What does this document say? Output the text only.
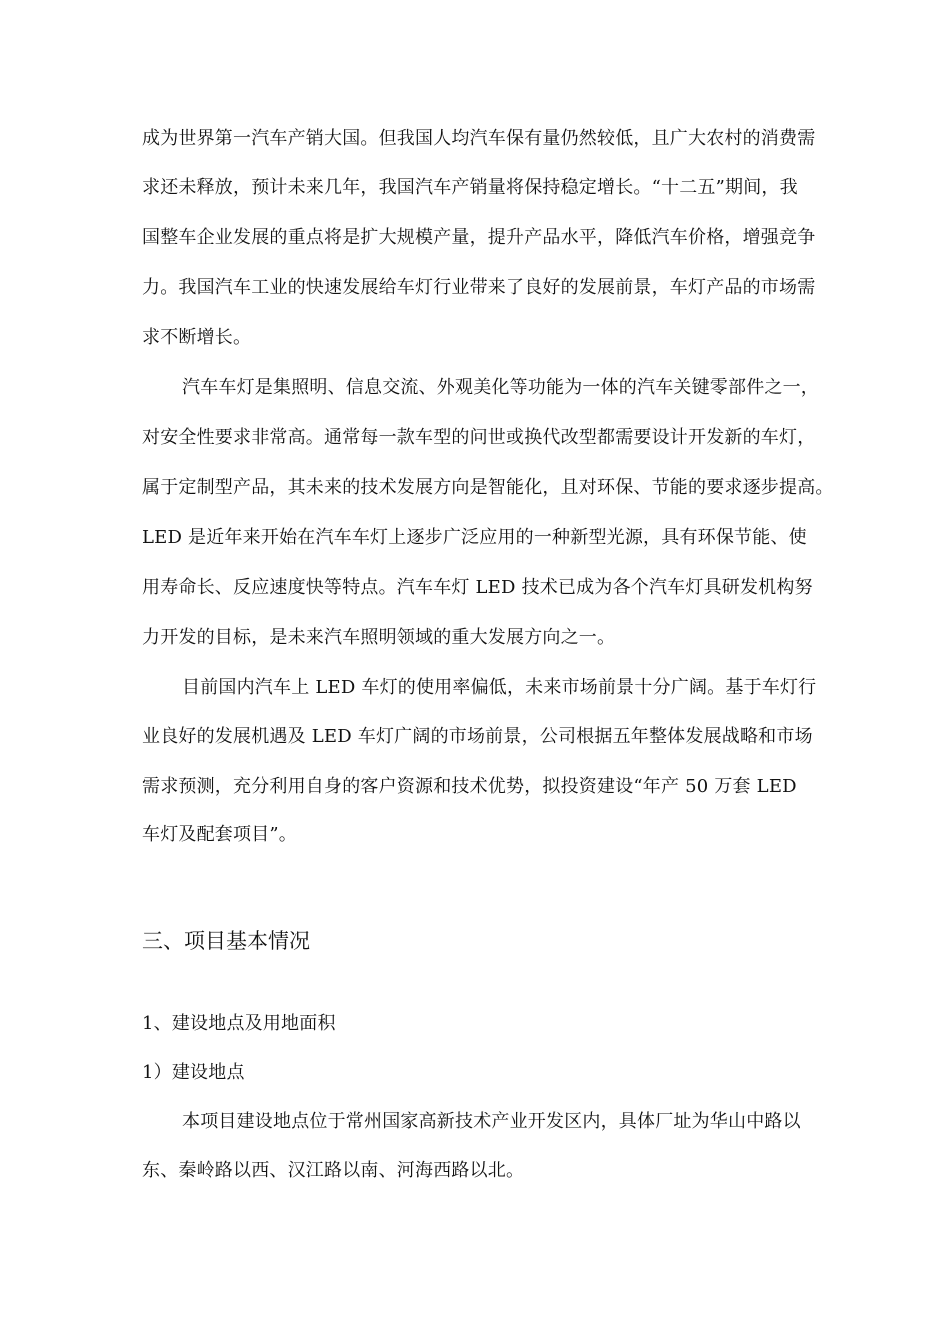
成为世界第一汽车产销大国。但我国人均汽车保有量仍然较低，且广大农村的消费需
求还未释放，预计未来几年，我国汽车产销量将保持稳定增长。“十二五”期间，我
国整车企业发展的重点将是扩大规模产量，提升产品水平，降低汽车价格，增强竞争
力。我国汽车工业的快速发展给车灯行业带来了良好的发展前景，车灯产品的市场需
求不断增长。
汽车车灯是集照明、信息交流、外观美化等功能为一体的汽车关键零部件之一，
对安全性要求非常高。通常每一款车型的问世或换代改型都需要设计开发新的车灯，
属于定制型产品，其未来的技术发展方向是智能化，且对环保、节能的要求逐步提高。
LED 是近年来开始在汽车车灯上逐步广泛应用的一种新型光源，具有环保节能、使
用寿命长、反应速度快等特点。汽车车灯 LED 技术已成为各个汽车灯具研发机构努
力开发的目标，是未来汽车照明领域的重大发展方向之一。
目前国内汽车上 LED 车灯的使用率偏低，未来市场前景十分广阔。基于车灯行
业良好的发展机遇及 LED 车灯广阔的市场前景，公司根据五年整体发展战略和市场
需求预测，充分利用自身的客户资源和技术优势，拟投资建设“年产 50 万套 LED
车灯及配套项目”。
三、项目基本情况
1、建设地点及用地面积
1）建设地点
本项目建设地点位于常州国家高新技术产业开发区内，具体厂址为华山中路以
东、秦岭路以西、汉江路以南、河海西路以北。
